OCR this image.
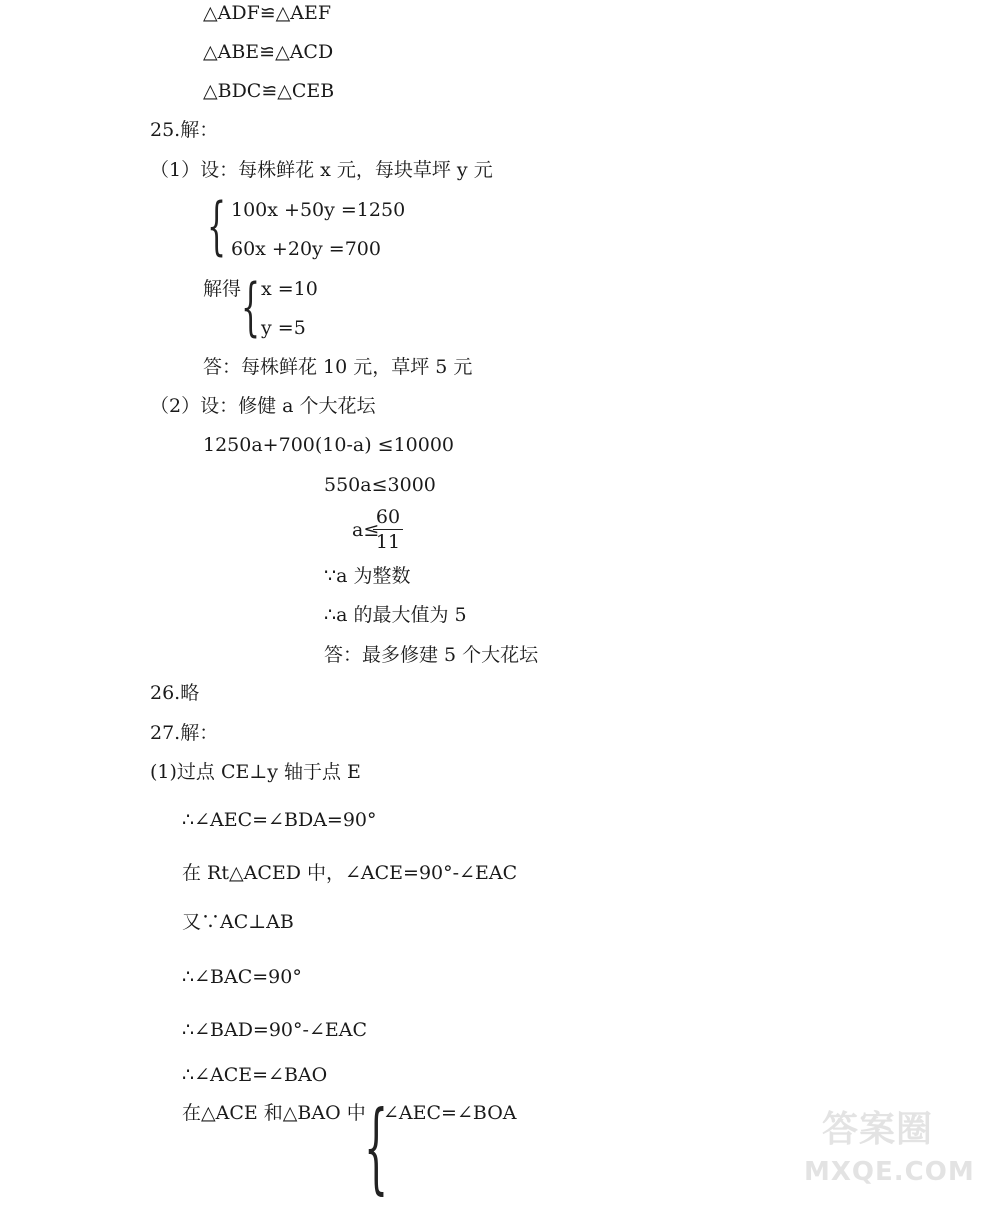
△ADF≌△AEF
△ABE≌△ACD
△BDC≌△CEB
25.解：
（1）设：每株鲜花 x 元，每块草坪 y 元
{ 100x +50y =1250
60x +20y =700
解得 { x =10
y =5
答：每株鲜花 10 元，草坪 5 元
（2）设：修健 a 个大花坛
1250a+700(10-a) ≤10000
550a≤3000
a≤
60
11
∵a 为整数
∴a 的最大值为 5
答：最多修建 5 个大花坛
26.略
27.解：
(1)过点 CE⊥y 轴于点 E
∴∠AEC=∠BDA=90°
在 Rt△ACED 中，∠ACE=90°-∠EAC
又∵AC⊥AB
∴∠BAC=90°
∴∠BAD=90°-∠EAC
∴∠ACE=∠BAO
在△ACE 和△BAO 中
{
∠AEC=∠BOA	答案圈
MXQE.COM
